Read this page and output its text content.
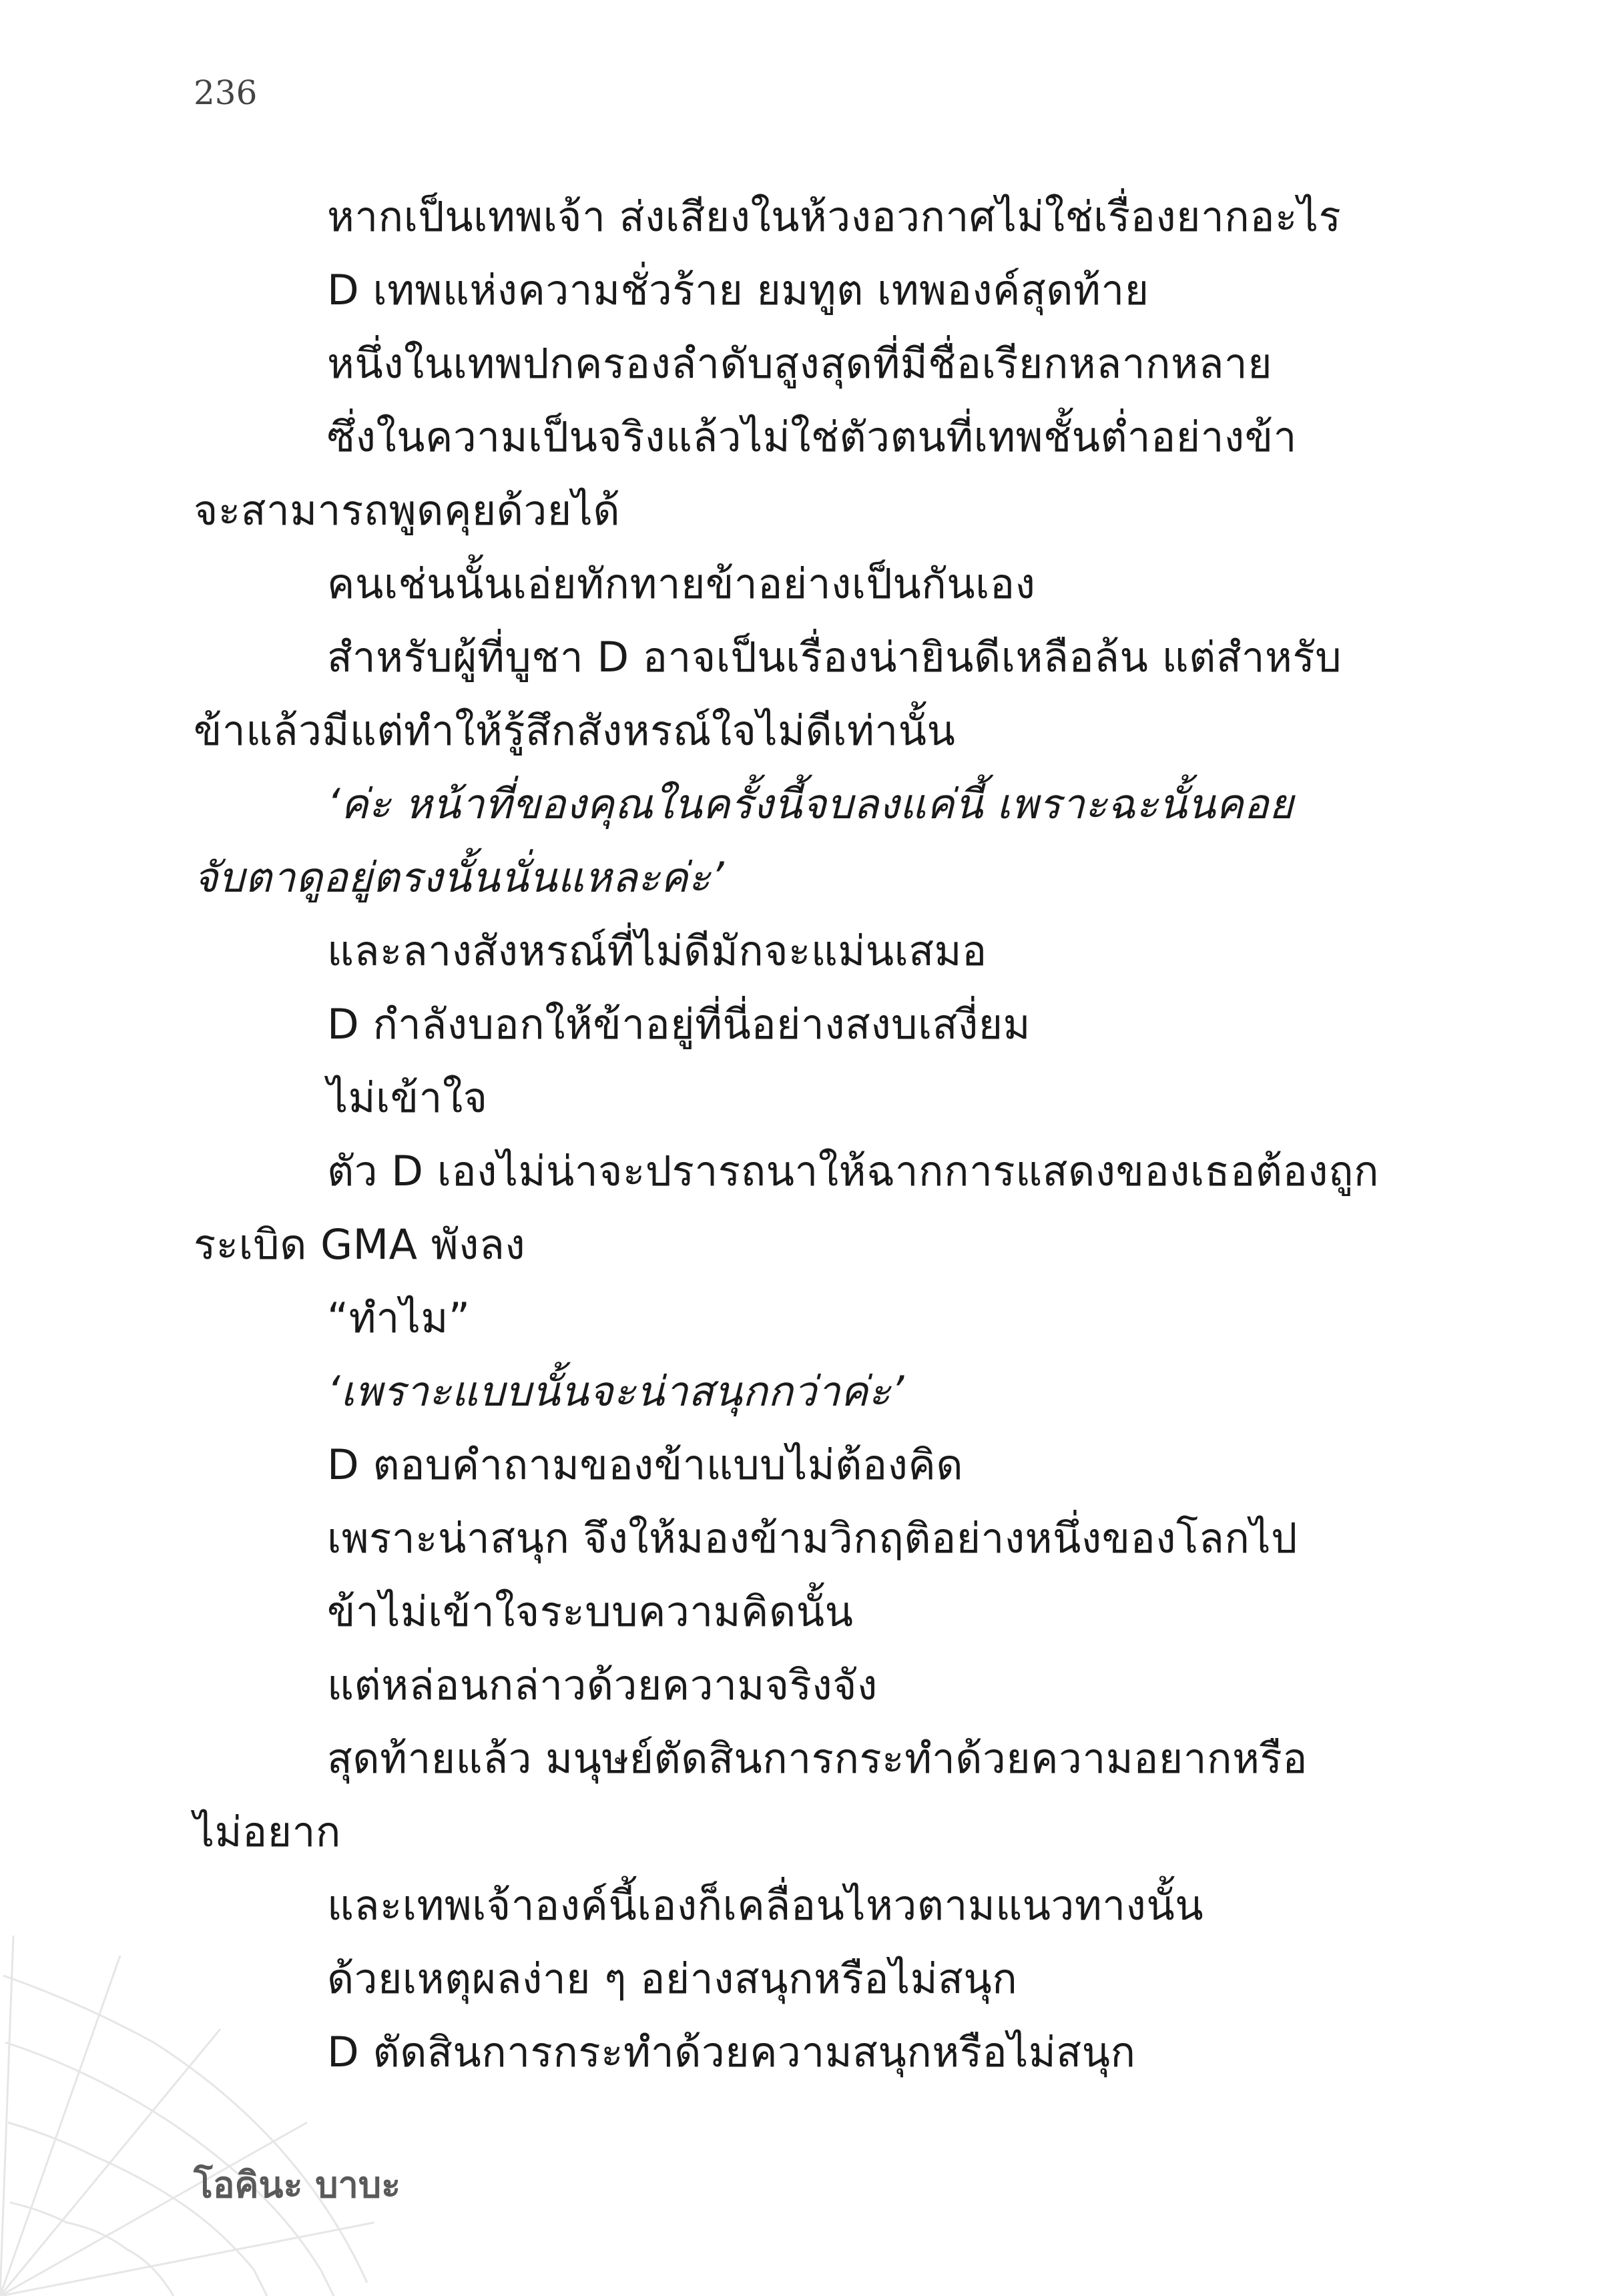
236
หากเป็นเทพเจ้า ส่งเสียงในห้วงอวกาศไม่ใช่เรื่องยากอะไร
D เทพแห่งความชั่วร้าย ยมทูต เทพองค์สุดท้าย
หนึ่งในเทพปกครองลำดับสูงสุดที่มีชื่อเรียกหลากหลาย
ซึ่งในความเป็นจริงแล้วไม่ใช่ตัวตนที่เทพชั้นต่ำอย่างข้า
จะสามารถพูดคุยด้วยได้
คนเช่นนั้นเอ่ยทักทายข้าอย่างเป็นกันเอง
สำหรับผู้ที่บูชา D อาจเป็นเรื่องน่ายินดีเหลือล้น แต่สำหรับ
ข้าแล้วมีแต่ทำให้รู้สึกสังหรณ์ใจไม่ดีเท่านั้น
‘ค่ะ หน้าที่ของคุณในครั้งนี้จบลงแค่นี้ เพราะฉะนั้นคอย
จับตาดูอยู่ตรงนั้นนั่นแหละค่ะ’
และลางสังหรณ์ที่ไม่ดีมักจะแม่นเสมอ
D กำลังบอกให้ข้าอยู่ที่นี่อย่างสงบเสงี่ยม
ไม่เข้าใจ
ตัว D เองไม่น่าจะปรารถนาให้ฉากการแสดงของเธอต้องถูก
ระเบิด GMA พังลง
“ทำไม”
‘เพราะแบบนั้นจะน่าสนุกกว่าค่ะ’
D ตอบคำถามของข้าแบบไม่ต้องคิด
เพราะน่าสนุก จึงให้มองข้ามวิกฤติอย่างหนึ่งของโลกไป
ข้าไม่เข้าใจระบบความคิดนั้น
แต่หล่อนกล่าวด้วยความจริงจัง
สุดท้ายแล้ว มนุษย์ตัดสินการกระทำด้วยความอยากหรือ
ไม่อยาก
และเทพเจ้าองค์นี้เองก็เคลื่อนไหวตามแนวทางนั้น
ด้วยเหตุผลง่าย ๆ อย่างสนุกหรือไม่สนุก
D ตัดสินการกระทำด้วยความสนุกหรือไม่สนุก
โอคินะ บาบะ
